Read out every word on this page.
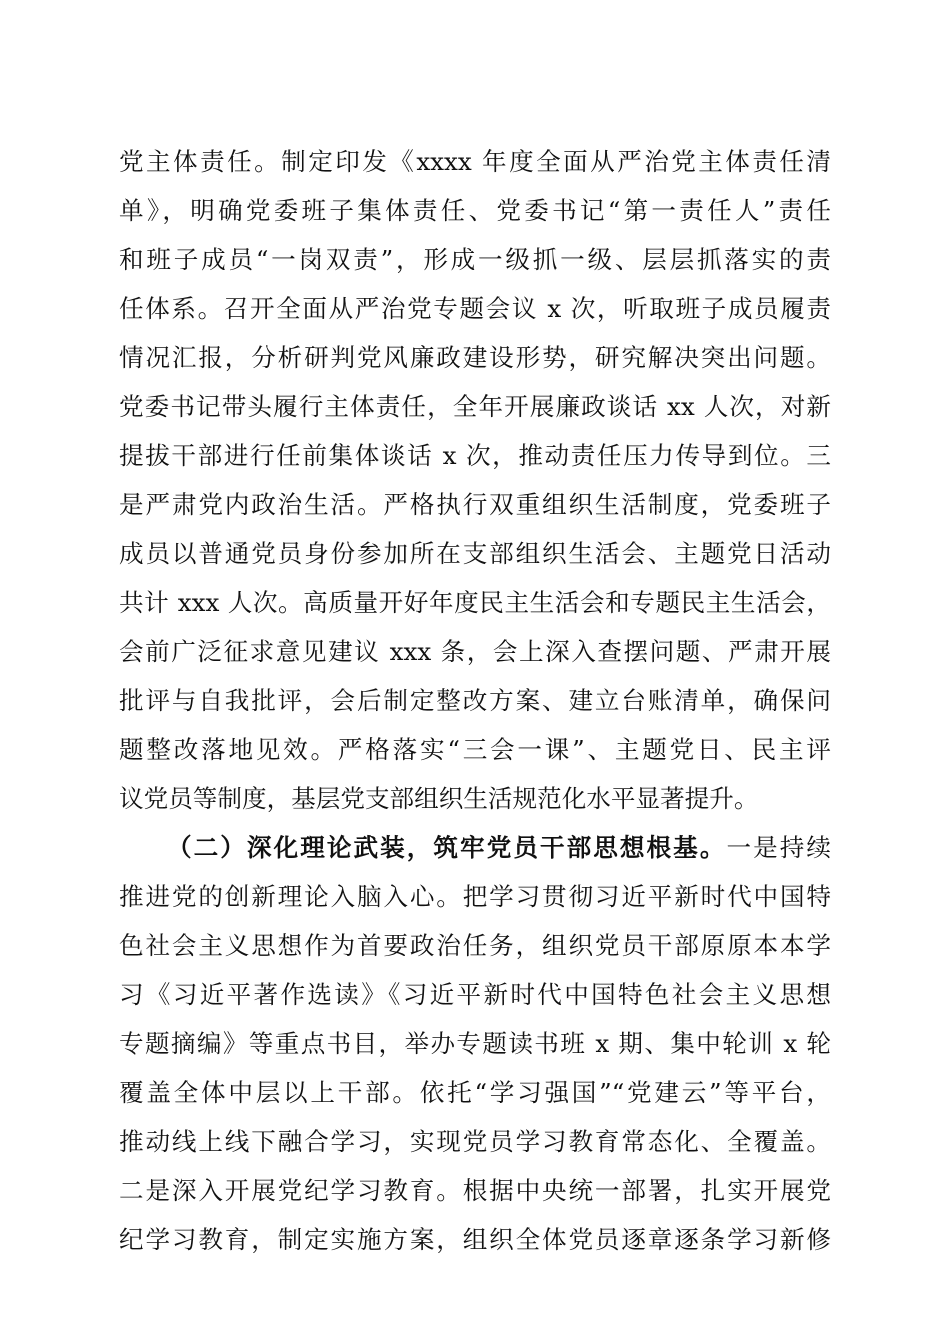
党主体责任。制定印发《xxxx 年度全面从严治党主体责任清
单》，明确党委班子集体责任、党委书记“第一责任人”责任
和班子成员“一岗双责”，形成一级抓一级、层层抓落实的责
任体系。召开全面从严治党专题会议 x 次，听取班子成员履责
情况汇报，分析研判党风廉政建设形势，研究解决突出问题。
党委书记带头履行主体责任，全年开展廉政谈话 xx 人次，对新
提拔干部进行任前集体谈话 x 次，推动责任压力传导到位。三
是严肃党内政治生活。严格执行双重组织生活制度，党委班子
成员以普通党员身份参加所在支部组织生活会、主题党日活动
共计 xxx 人次。高质量开好年度民主生活会和专题民主生活会，
会前广泛征求意见建议 xxx 条，会上深入查摆问题、严肃开展
批评与自我批评，会后制定整改方案、建立台账清单，确保问
题整改落地见效。严格落实“三会一课”、主题党日、民主评
议党员等制度，基层党支部组织生活规范化水平显著提升。
（二）深化理论武装，筑牢党员干部思想根基。一是持续
推进党的创新理论入脑入心。把学习贯彻习近平新时代中国特
色社会主义思想作为首要政治任务，组织党员干部原原本本学
习《习近平著作选读》《习近平新时代中国特色社会主义思想
专题摘编》等重点书目，举办专题读书班 x 期、集中轮训 x 轮
覆盖全体中层以上干部。依托“学习强国”“党建云”等平台，
推动线上线下融合学习，实现党员学习教育常态化、全覆盖。
二是深入开展党纪学习教育。根据中央统一部署，扎实开展党
纪学习教育，制定实施方案，组织全体党员逐章逐条学习新修
